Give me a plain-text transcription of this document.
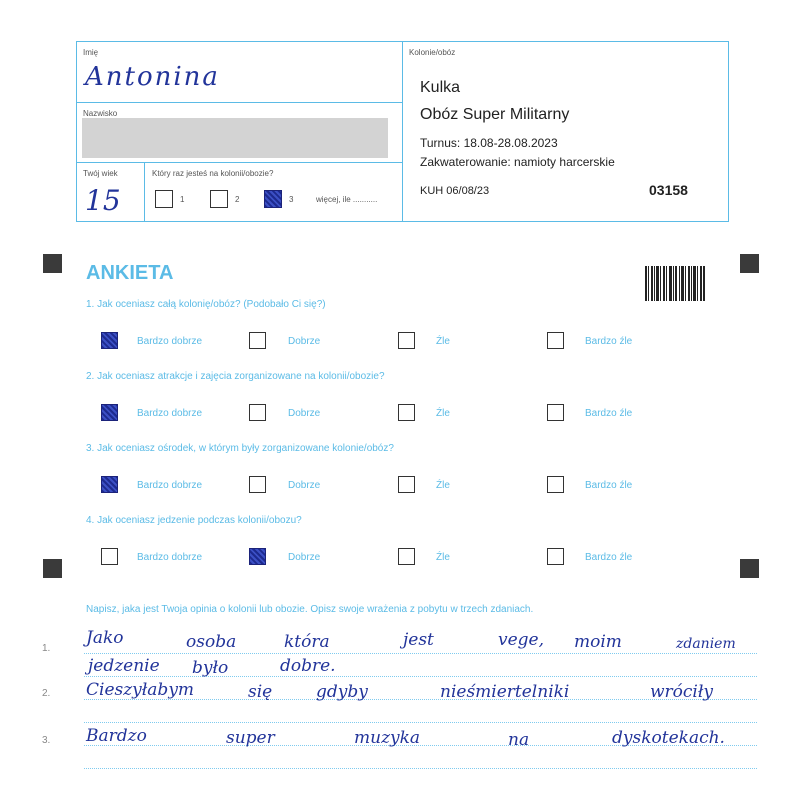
Imię
Antonina
Nazwisko
Twój wiek
15
Który raz jesteś na kolonii/obozie?
1	2	3	więcej, ile ...........
Kolonie/obóz
Kulka
Obóz Super Militarny
Turnus: 18.08-28.08.2023
Zakwaterowanie: namioty harcerskie
KUH 06/08/23	03158
ANKIETA
1. Jak oceniasz całą kolonię/obóz? (Podobało Ci się?)
2. Jak oceniasz atrakcje i zajęcia zorganizowane na kolonii/obozie?
3. Jak oceniasz ośrodek, w którym były zorganizowane kolonie/obóz?
4. Jak oceniasz jedzenie podczas kolonii/obozu?
Bardzo dobrze	Dobrze	Źle	Bardzo źle
Bardzo dobrze	Dobrze	Źle	Bardzo źle
Bardzo dobrze	Dobrze	Źle	Bardzo źle
Bardzo dobrze	Dobrze	Źle	Bardzo źle
Napisz, jaka jest Twoja opinia o kolonii lub obozie. Opisz swoje wrażenia z pobytu w trzech zdaniach.
1.
2.
3.
Jako	osoba	która	jest	vege, moim	zdaniem
jedzenie było	dobre.
Cieszyłabym	się	gdyby	nieśmiertelniki	wróciły
Bardzo	super	muzyka	na	dyskotekach.
